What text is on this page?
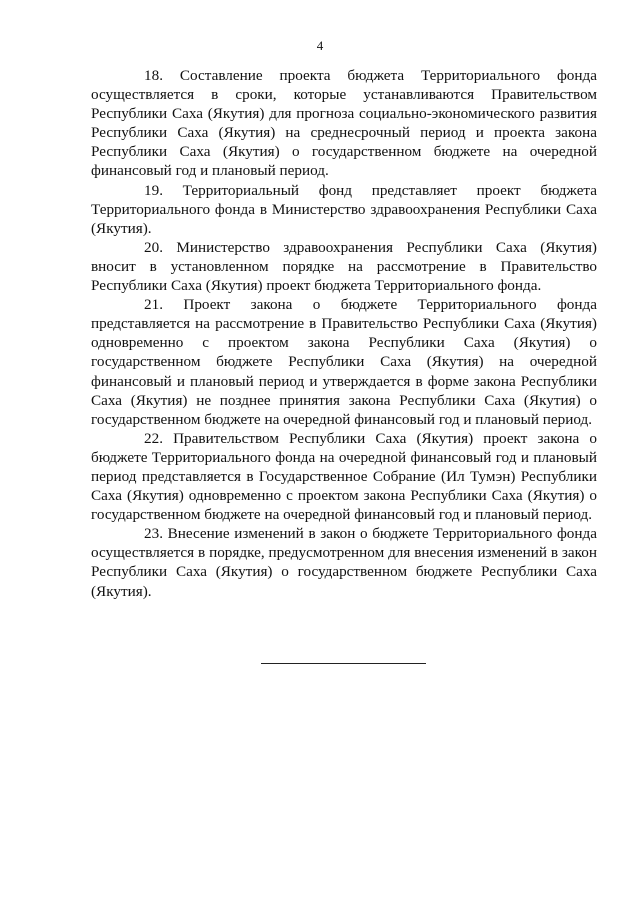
4

18. Составление проекта бюджета Территориального фонда осуществляется в сроки, которые устанавливаются Правительством Республики Саха (Якутия) для прогноза социально-экономического развития Республики Саха (Якутия) на среднесрочный период и проекта закона Республики Саха (Якутия) о государственном бюджете на очередной финансовый год и плановый период.

19. Территориальный фонд представляет проект бюджета Территориального фонда в Министерство здравоохранения Республики Саха (Якутия).

20. Министерство здравоохранения Республики Саха (Якутия) вносит в установленном порядке на рассмотрение в Правительство Республики Саха (Якутия) проект бюджета Территориального фонда.

21. Проект закона о бюджете Территориального фонда представляется на рассмотрение в Правительство Республики Саха (Якутия) одновременно с проектом закона Республики Саха (Якутия) о государственном бюджете Республики Саха (Якутия) на очередной финансовый и плановый период и утверждается в форме закона Республики Саха (Якутия) не позднее принятия закона Республики Саха (Якутия) о государственном бюджете на очередной финансовый год и плановый период.

22. Правительством Республики Саха (Якутия) проект закона о бюджете Территориального фонда на очередной финансовый год и плановый период представляется в Государственное Собрание (Ил Тумэн) Республики Саха (Якутия) одновременно с проектом закона Республики Саха (Якутия) о государственном бюджете на очередной финансовый год и плановый период.

23. Внесение изменений в закон о бюджете Территориального фонда осуществляется в порядке, предусмотренном для внесения изменений в закон Республики Саха (Якутия) о государственном бюджете Республики Саха (Якутия).
